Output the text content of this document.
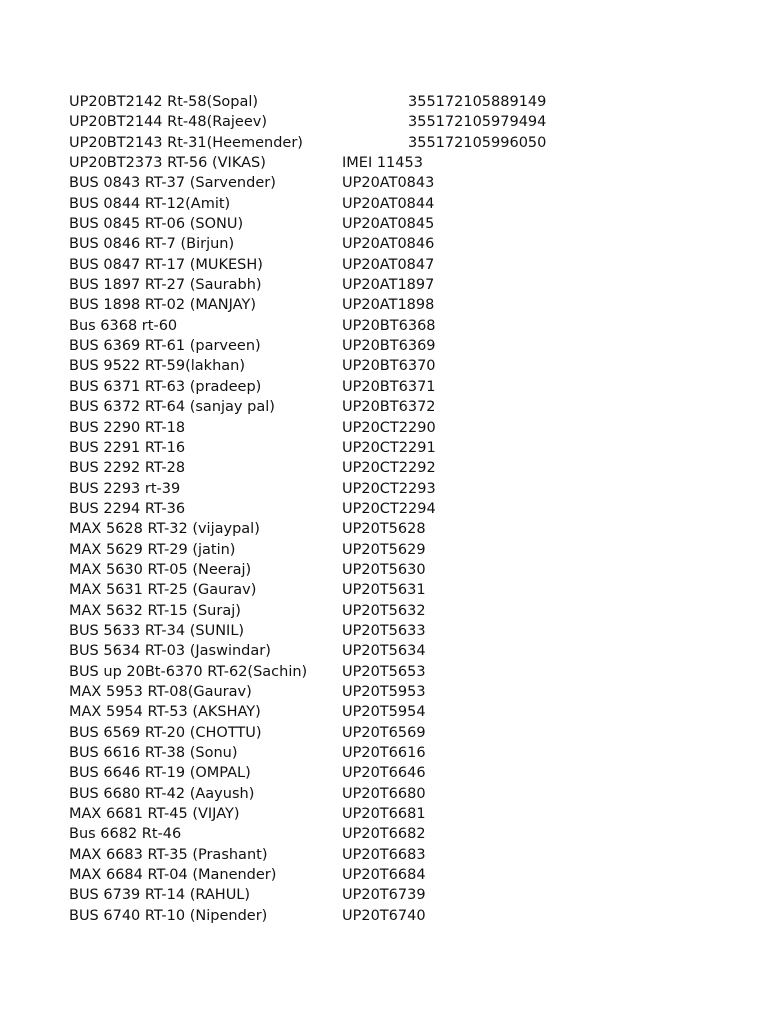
UP20BT2142 Rt-58(Sopal)	355172105889149
UP20BT2144 Rt-48(Rajeev)	355172105979494
UP20BT2143 Rt-31(Heemender)	355172105996050
UP20BT2373 RT-56 (VIKAS)	IMEI 11453
BUS 0843 RT-37 (Sarvender)	UP20AT0843
BUS 0844 RT-12(Amit)	UP20AT0844
BUS 0845 RT-06 (SONU)	UP20AT0845
BUS 0846 RT-7 (Birjun)	UP20AT0846
BUS 0847 RT-17 (MUKESH)	UP20AT0847
BUS 1897 RT-27 (Saurabh)	UP20AT1897
BUS 1898 RT-02 (MANJAY)	UP20AT1898
Bus 6368 rt-60	UP20BT6368
BUS 6369 RT-61 (parveen)	UP20BT6369
BUS 9522 RT-59(lakhan)	UP20BT6370
BUS 6371 RT-63 (pradeep)	UP20BT6371
BUS 6372 RT-64 (sanjay pal)	UP20BT6372
BUS 2290 RT-18	UP20CT2290
BUS 2291 RT-16	UP20CT2291
BUS 2292 RT-28	UP20CT2292
BUS 2293 rt-39	UP20CT2293
BUS 2294 RT-36	UP20CT2294
MAX 5628 RT-32 (vijaypal)	UP20T5628
MAX 5629 RT-29 (jatin)	UP20T5629
MAX 5630 RT-05 (Neeraj)	UP20T5630
MAX 5631 RT-25 (Gaurav)	UP20T5631
MAX 5632 RT-15 (Suraj)	UP20T5632
BUS 5633 RT-34 (SUNIL)	UP20T5633
BUS 5634 RT-03 (Jaswindar)	UP20T5634
BUS up 20Bt-6370 RT-62(Sachin) UP20T5653
MAX 5953 RT-08(Gaurav)	UP20T5953
MAX 5954 RT-53 (AKSHAY)	UP20T5954
BUS 6569 RT-20 (CHOTTU)	UP20T6569
BUS 6616 RT-38 (Sonu)	UP20T6616
BUS 6646 RT-19 (OMPAL)	UP20T6646
BUS 6680 RT-42 (Aayush)	UP20T6680
MAX 6681 RT-45 (VIJAY)	UP20T6681
Bus 6682 Rt-46	UP20T6682
MAX 6683 RT-35 (Prashant)	UP20T6683
MAX 6684 RT-04 (Manender)	UP20T6684
BUS 6739 RT-14 (RAHUL)	UP20T6739
BUS 6740 RT-10 (Nipender)	UP20T6740
